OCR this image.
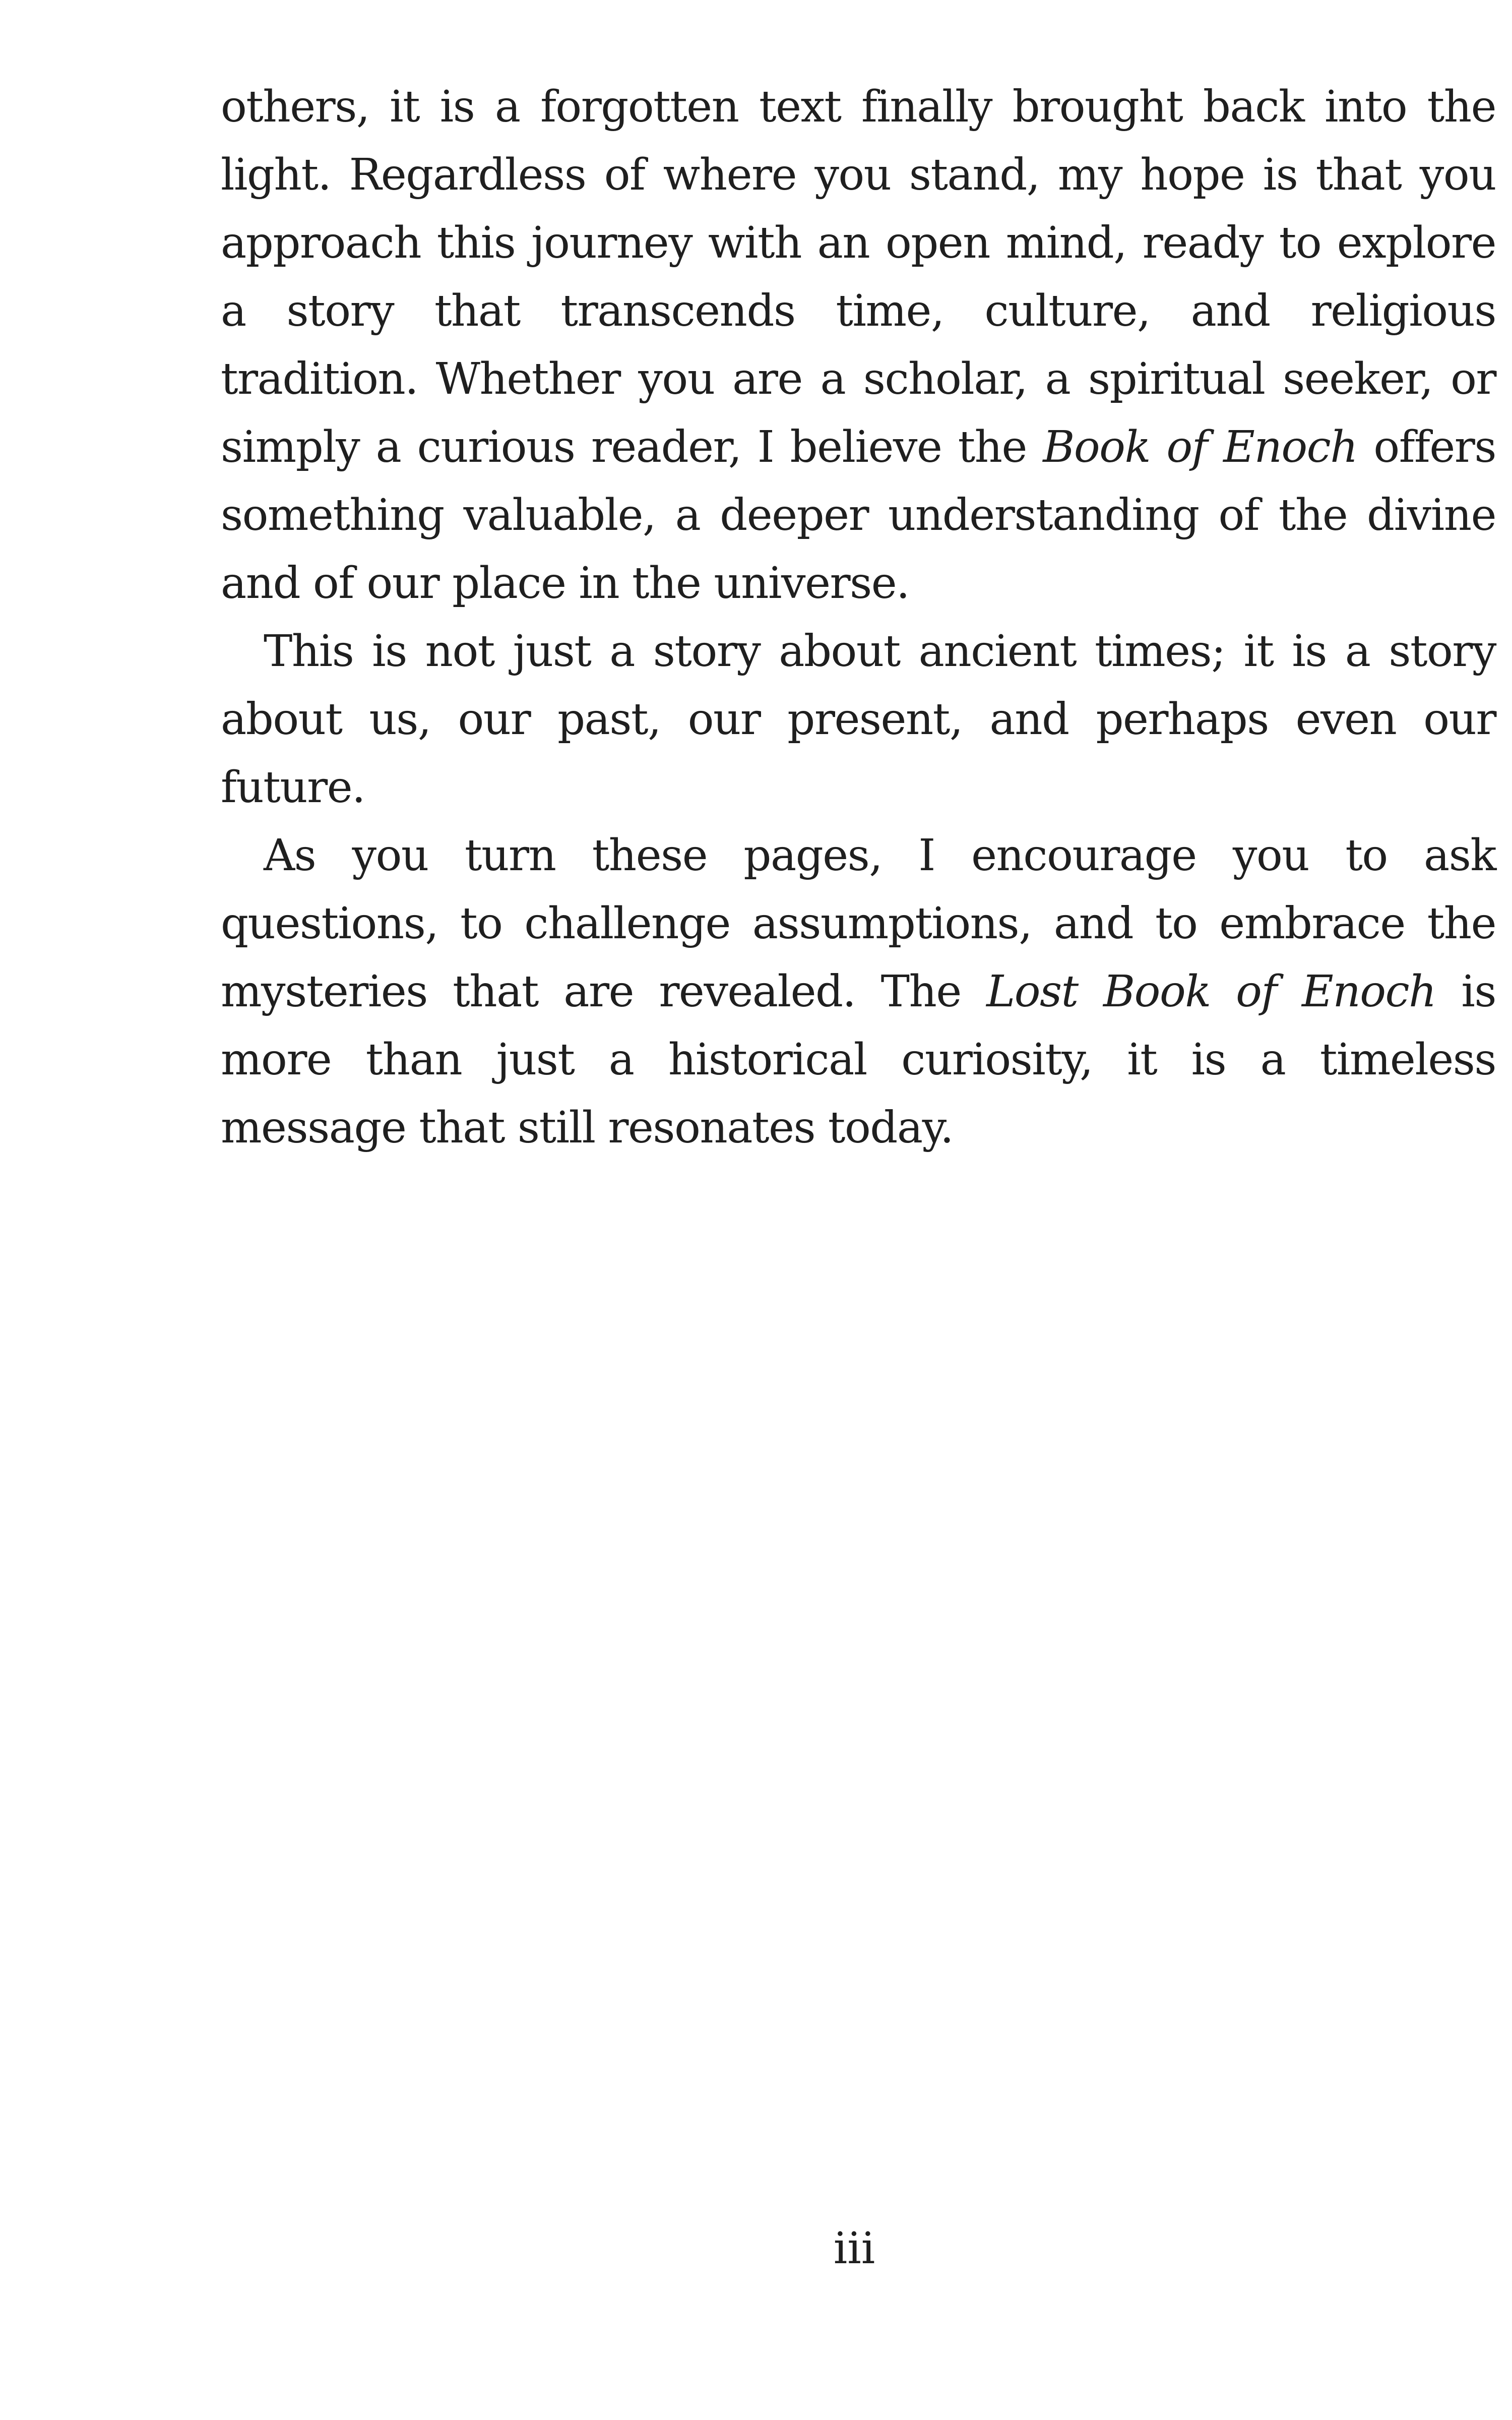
others, it is a forgotten text finally brought back into the light. Regardless of where you stand, my hope is that you approach this journey with an open mind, ready to explore a story that transcends time, culture, and religious tradition. Whether you are a scholar, a spiritual seeker, or simply a curious reader, I believe the Book of Enoch offers something valuable, a deeper understanding of the divine and of our place in the universe.

This is not just a story about ancient times; it is a story about us, our past, our present, and perhaps even our future.

As you turn these pages, I encourage you to ask questions, to challenge assumptions, and to embrace the mysteries that are revealed. The Lost Book of Enoch is more than just a historical curiosity, it is a timeless message that still resonates today.

iii
